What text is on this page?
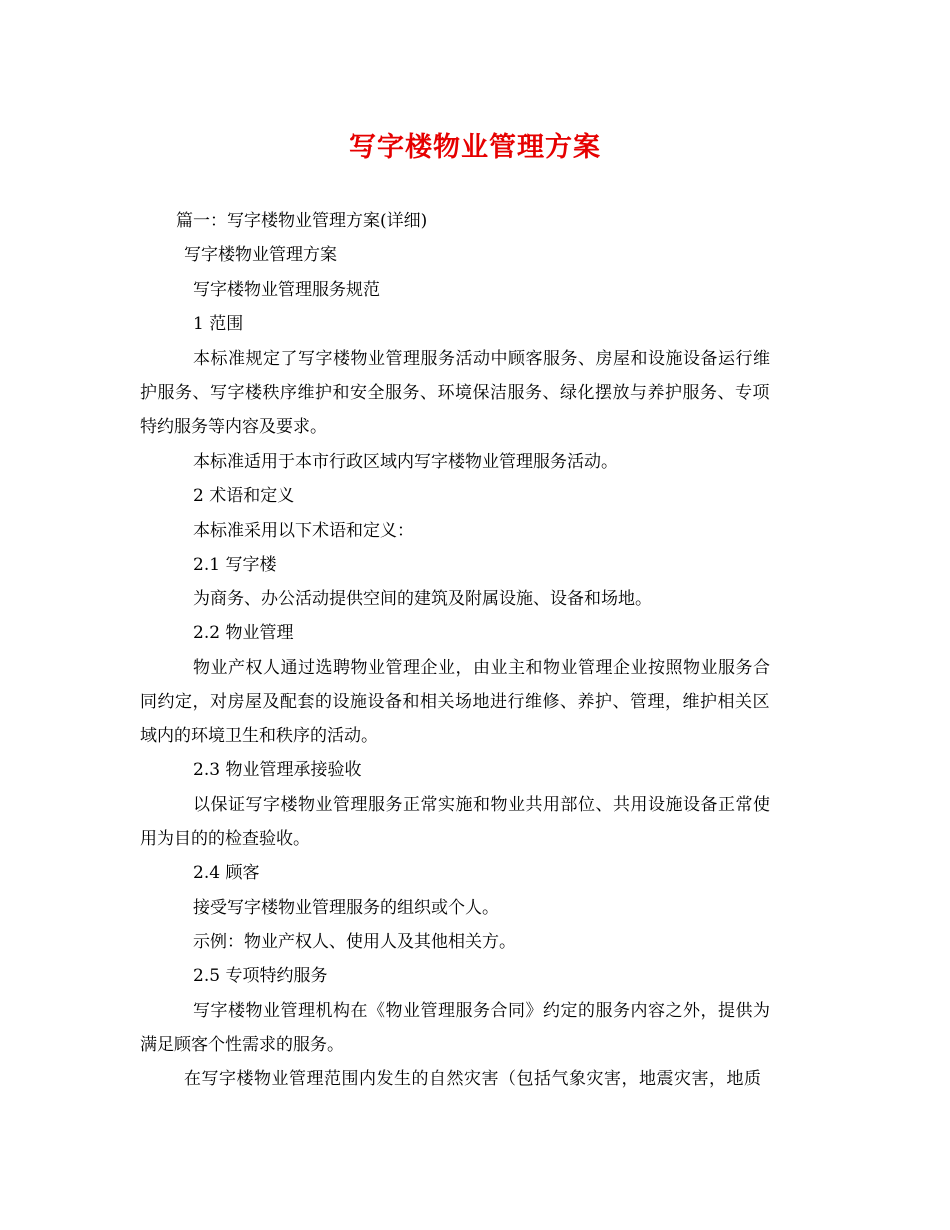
写字楼物业管理方案
篇一：写字楼物业管理方案(详细)
写字楼物业管理方案
写字楼物业管理服务规范
1 范围
本标准规定了写字楼物业管理服务活动中顾客服务、房屋和设施设备运行维
护服务、写字楼秩序维护和安全服务、环境保洁服务、绿化摆放与养护服务、专项
特约服务等内容及要求。
本标准适用于本市行政区域内写字楼物业管理服务活动。
2 术语和定义
本标准采用以下术语和定义：
2.1 写字楼
为商务、办公活动提供空间的建筑及附属设施、设备和场地。
2.2 物业管理
物业产权人通过选聘物业管理企业，由业主和物业管理企业按照物业服务合
同约定，对房屋及配套的设施设备和相关场地进行维修、养护、管理，维护相关区
域内的环境卫生和秩序的活动。
2.3 物业管理承接验收
以保证写字楼物业管理服务正常实施和物业共用部位、共用设施设备正常使
用为目的的检查验收。
2.4 顾客
接受写字楼物业管理服务的组织或个人。
示例：物业产权人、使用人及其他相关方。
2.5 专项特约服务
写字楼物业管理机构在《物业管理服务合同》约定的服务内容之外，提供为
满足顾客个性需求的服务。
在写字楼物业管理范围内发生的自然灾害（包括气象灾害，地震灾害，地质
